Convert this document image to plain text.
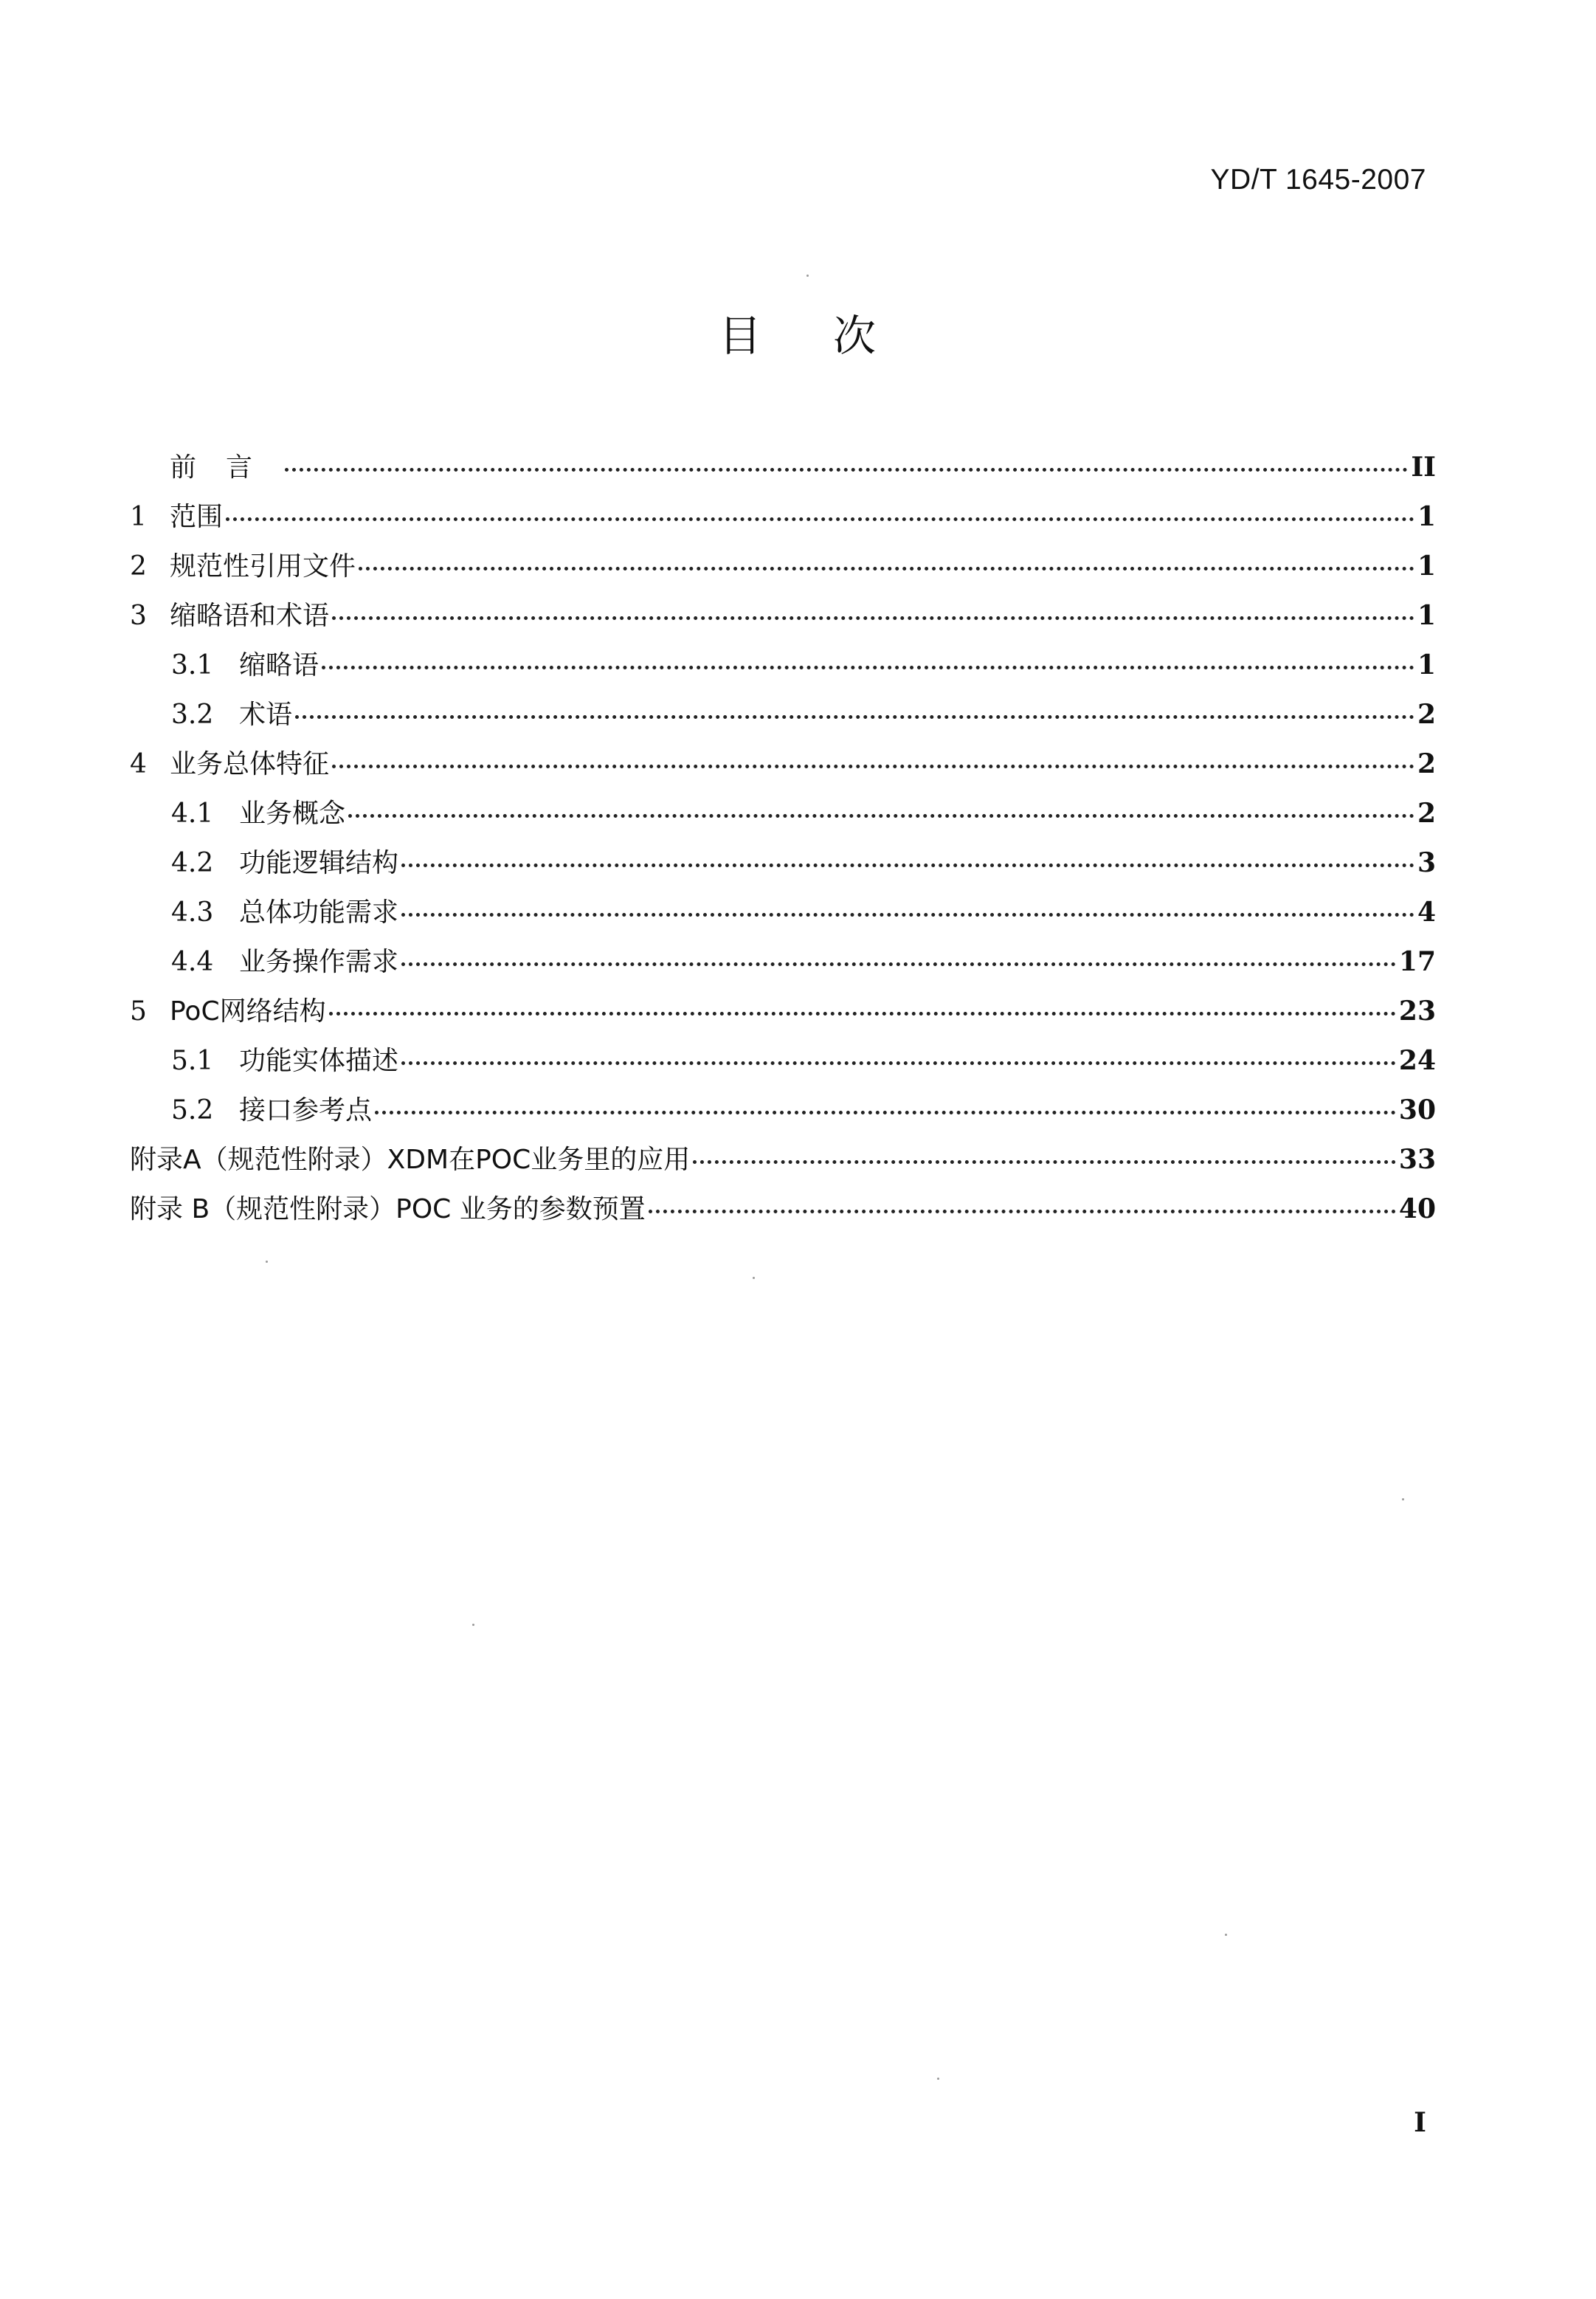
YD/T 1645-2007
目 次
前言	II
1 范围	1
2 规范性引用文件	1
3 缩略语和术语	1
3.1 缩略语	1
3.2 术语	2
4 业务总体特征	2
4.1 业务概念	2
4.2 功能逻辑结构	3
4.3 总体功能需求	4
4.4 业务操作需求	17
5 PoC网络结构	23
5.1 功能实体描述	24
5.2 接口参考点	30
附录A（规范性附录）XDM在POC业务里的应用	33
附录 B（规范性附录）POC 业务的参数预置	40
I
